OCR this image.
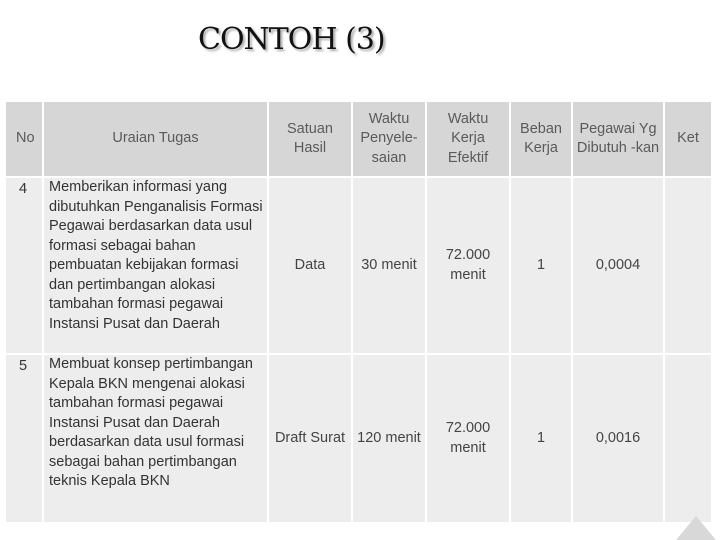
CONTOH (3)
No	Uraian Tugas	Satuan Hasil	Waktu Penyele- saian	Waktu Kerja Efektif	Beban Kerja	Pegawai Yg Dibutuh -kan	Ket
4	Memberikan informasi yang dibutuhkan Penganalisis Formasi Pegawai berdasarkan data usul formasi sebagai bahan pembuatan kebijakan formasi dan pertimbangan alokasi tambahan formasi pegawai Instansi Pusat dan Daerah	Data	30 menit	72.000 menit	1	0,0004	
5	Membuat konsep pertimbangan Kepala BKN mengenai alokasi tambahan formasi pegawai Instansi Pusat dan Daerah berdasarkan data usul formasi sebagai bahan pertimbangan teknis Kepala BKN	Draft Surat	120 menit	72.000 menit	1	0,0016	
